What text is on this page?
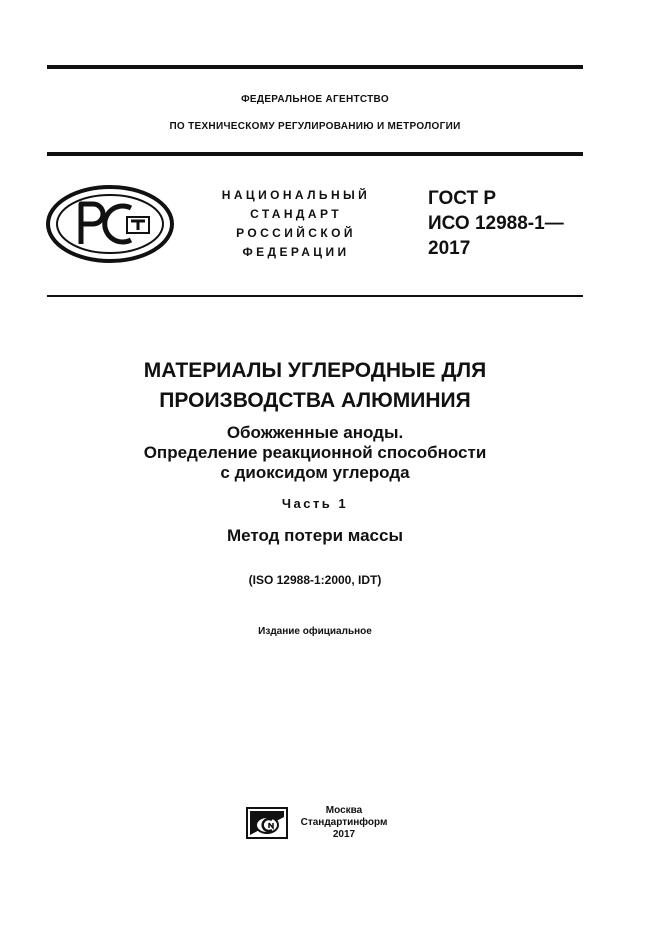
ФЕДЕРАЛЬНОЕ АГЕНТСТВО
ПО ТЕХНИЧЕСКОМУ РЕГУЛИРОВАНИЮ И МЕТРОЛОГИИ
НАЦИОНАЛЬНЫЙ
СТАНДАРТ
РОССИЙСКОЙ
ФЕДЕРАЦИИ
ГОСТ Р
ИСО 12988-1—
2017
МАТЕРИАЛЫ УГЛЕРОДНЫЕ ДЛЯ
ПРОИЗВОДСТВА АЛЮМИНИЯ
Обожженные аноды.
Определение реакционной способности
с диоксидом углерода
Часть 1
Метод потери массы
(ISO 12988-1:2000, IDT)
Издание официальное
Москва
Стандартинформ
2017
